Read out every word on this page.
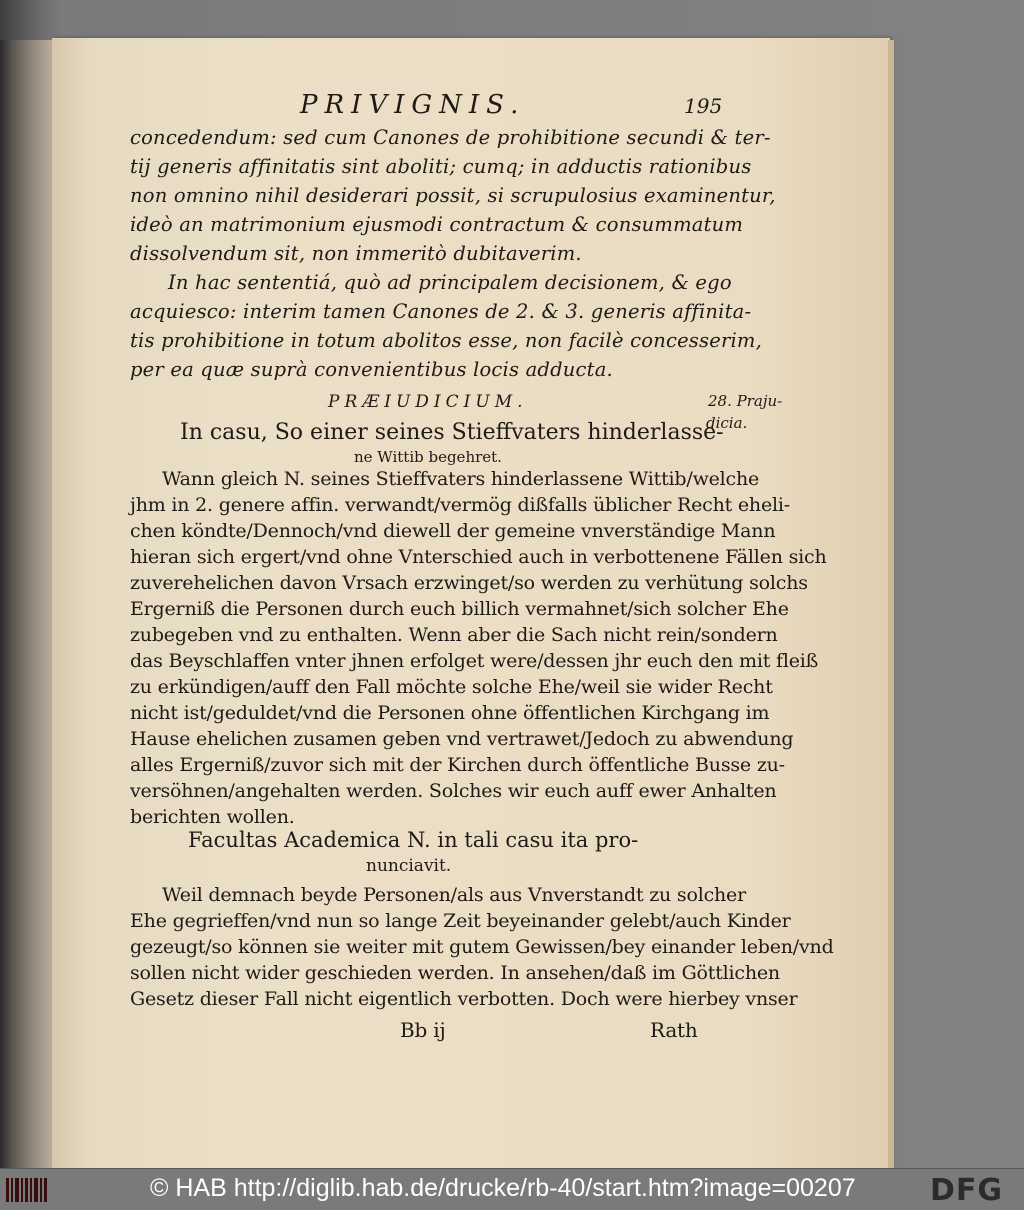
PRIVIGNIS.	195
concedendum: sed cum Canones de prohibitione secundi & ter-
tij generis affinitatis sint aboliti; cumq; in adductis rationibus
non omnino nihil desiderari possit, si scrupulosius examinentur,
ideò an matrimonium ejusmodi contractum & consummatum
dissolvendum sit, non immeritò dubitaverim.
In hac sententiá, quò ad principalem decisionem, & ego
acquiesco: interim tamen Canones de 2. & 3. generis affinita-
tis prohibitione in totum abolitos esse, non facilè concesserim,
per ea quæ suprà convenientibus locis adducta.
PRÆIUDICIUM.	28. Praju-
dicia.
In casu, So einer seines Stieffvaters hinderlasse-
ne Wittib begehret.
Wann gleich N. seines Stieffvaters hinderlassene Wittib/welche
jhm in 2. genere affin. verwandt/vermög dißfalls üblicher Recht eheli-
chen köndte/Dennoch/vnd diewell der gemeine vnverständige Mann
hieran sich ergert/vnd ohne Vnterschied auch in verbottenene Fällen sich
zuverehelichen davon Vrsach erzwinget/so werden zu verhütung solchs
Ergerniß die Personen durch euch billich vermahnet/sich solcher Ehe
zubegeben vnd zu enthalten. Wenn aber die Sach nicht rein/sondern
das Beyschlaffen vnter jhnen erfolget were/dessen jhr euch den mit fleiß
zu erkündigen/auff den Fall möchte solche Ehe/weil sie wider Recht
nicht ist/geduldet/vnd die Personen ohne öffentlichen Kirchgang im
Hause ehelichen zusamen geben vnd vertrawet/Jedoch zu abwendung
alles Ergerniß/zuvor sich mit der Kirchen durch öffentliche Busse zu-
versöhnen/angehalten werden. Solches wir euch auff ewer Anhalten
berichten wollen.
Facultas Academica N. in tali casu ita pro-
nunciavit.
Weil demnach beyde Personen/als aus Vnverstandt zu solcher
Ehe gegrieffen/vnd nun so lange Zeit beyeinander gelebt/auch Kinder
gezeugt/so können sie weiter mit gutem Gewissen/bey einander leben/vnd
sollen nicht wider geschieden werden. In ansehen/daß im Göttlichen
Gesetz dieser Fall nicht eigentlich verbotten. Doch were hierbey vnser
Bb ij	Rath
© HAB http://diglib.hab.de/drucke/rb-40/start.htm?image=00207 DFG
